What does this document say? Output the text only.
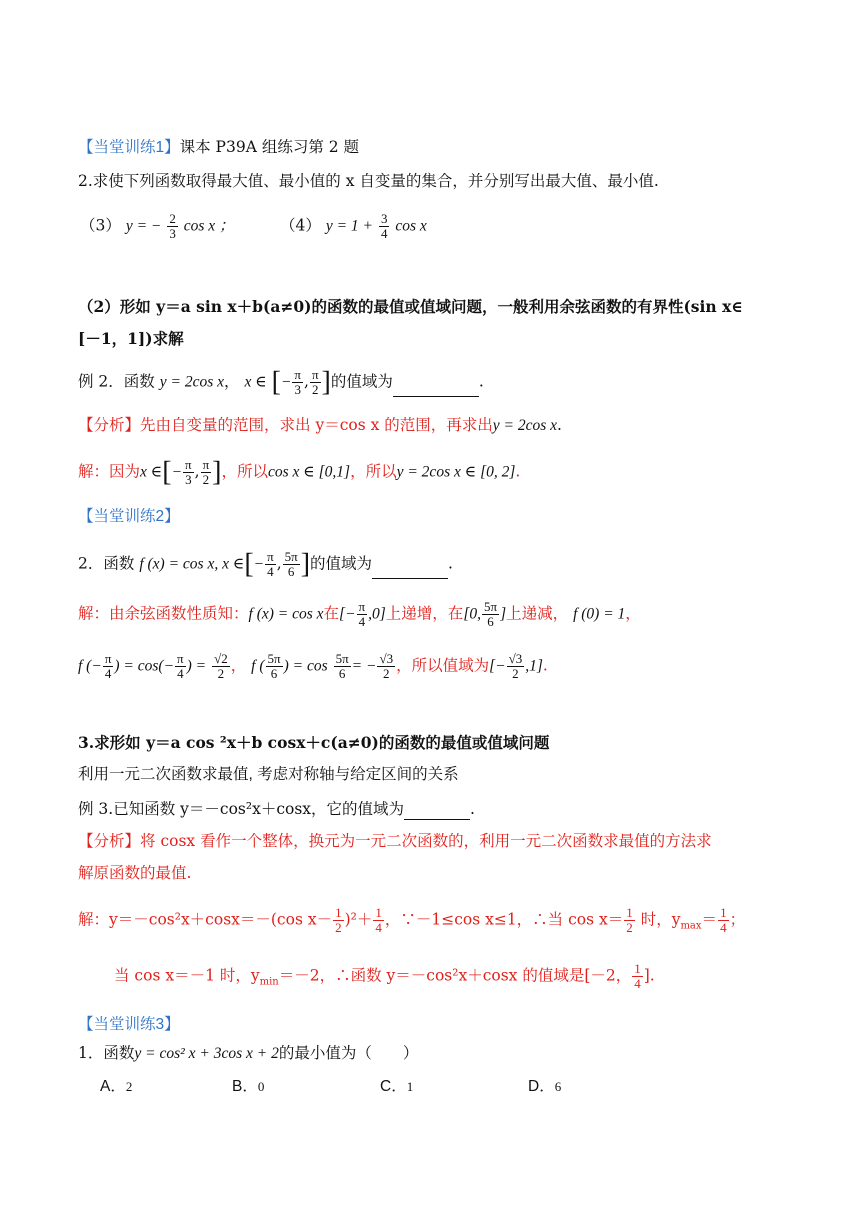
【当堂训练1】课本 P39A 组练习第 2 题
2.求使下列函数取得最大值、最小值的 x 自变量的集合，并分别写出最大值、最小值.
（3） y = − $\frac{2}{3}$ cos x ；	（4） $y = 1 + \frac{3}{4}$ cos x
（2）形如 y＝a sin x＋b(a≠0)的函数的最值或值域问题，一般利用余弦函数的有界性(sin x∈
[－1，1])求解
例 2．函数 y = 2cos x， x ∈ [− $\frac{\pi}{3}$ , $\frac{\pi}{2}$ ]的值域为	.
【分析】先由自变量的范围，求出 y＝cos x 的范围，再求出y = 2cos x.
解：因为x ∈[− $\frac{\pi}{3}$ , $\frac{\pi}{2}$ ]，所以cos x ∈ [0,1]，所以y = 2cos x ∈ [0, 2].
【当堂训练2】
2．函数 f (x) = cos x, x ∈[− $\frac{\pi}{4}$ , $\frac{5\pi}{6}$ ]的值域为	.
解：由余弦函数性质知：f (x) = cos x在[− $\frac{\pi}{4} ,0$]上递增，在[0, $\frac{5\pi}{6}$ ]上递减， f (0) = 1，
f (− $\frac{\pi}{4}$ ) = $\cos(- \frac{\pi}{4}$ ) = $\frac{√2}{2}$ ， f ( $\frac{5\pi}{6}$ ) = $\cos \frac{5\pi}{6}$ = − $\frac{√3}{2}$ ，所以值域为[− $\frac{√3}{2} ,1$].
3.求形如 y＝a cos ²x＋b cosx＋c(a≠0)的函数的最值或值域问题
利用一元二次函数求最值, 考虑对称轴与给定区间的关系
例 3.已知函数 y＝－cos²x＋cosx，它的值域为	.
【分析】将 cosx 看作一个整体，换元为一元二次函数的，利用一元二次函数求最值的方法求
解原函数的最值.
解：y＝－cos²x＋cosx＝－(cos $x- \frac{1}{2} )^2+ \frac{1}{4}$ ，∵－1≤cos x≤1，∴当 $\cos x= \frac{1}{2}$ 时，$y_{max}= \frac{1}{4}$ ；
当 cos x＝－1 时，$y_{min}=-2$，∴函数 y＝－cos²x＋cosx 的值域是[－2， $\frac{1}{4}$ ].
【当堂训练3】
1．函数y = cos² x + 3cos x + 2的最小值为（　　）
A．2	B．0	C．1	D．6
